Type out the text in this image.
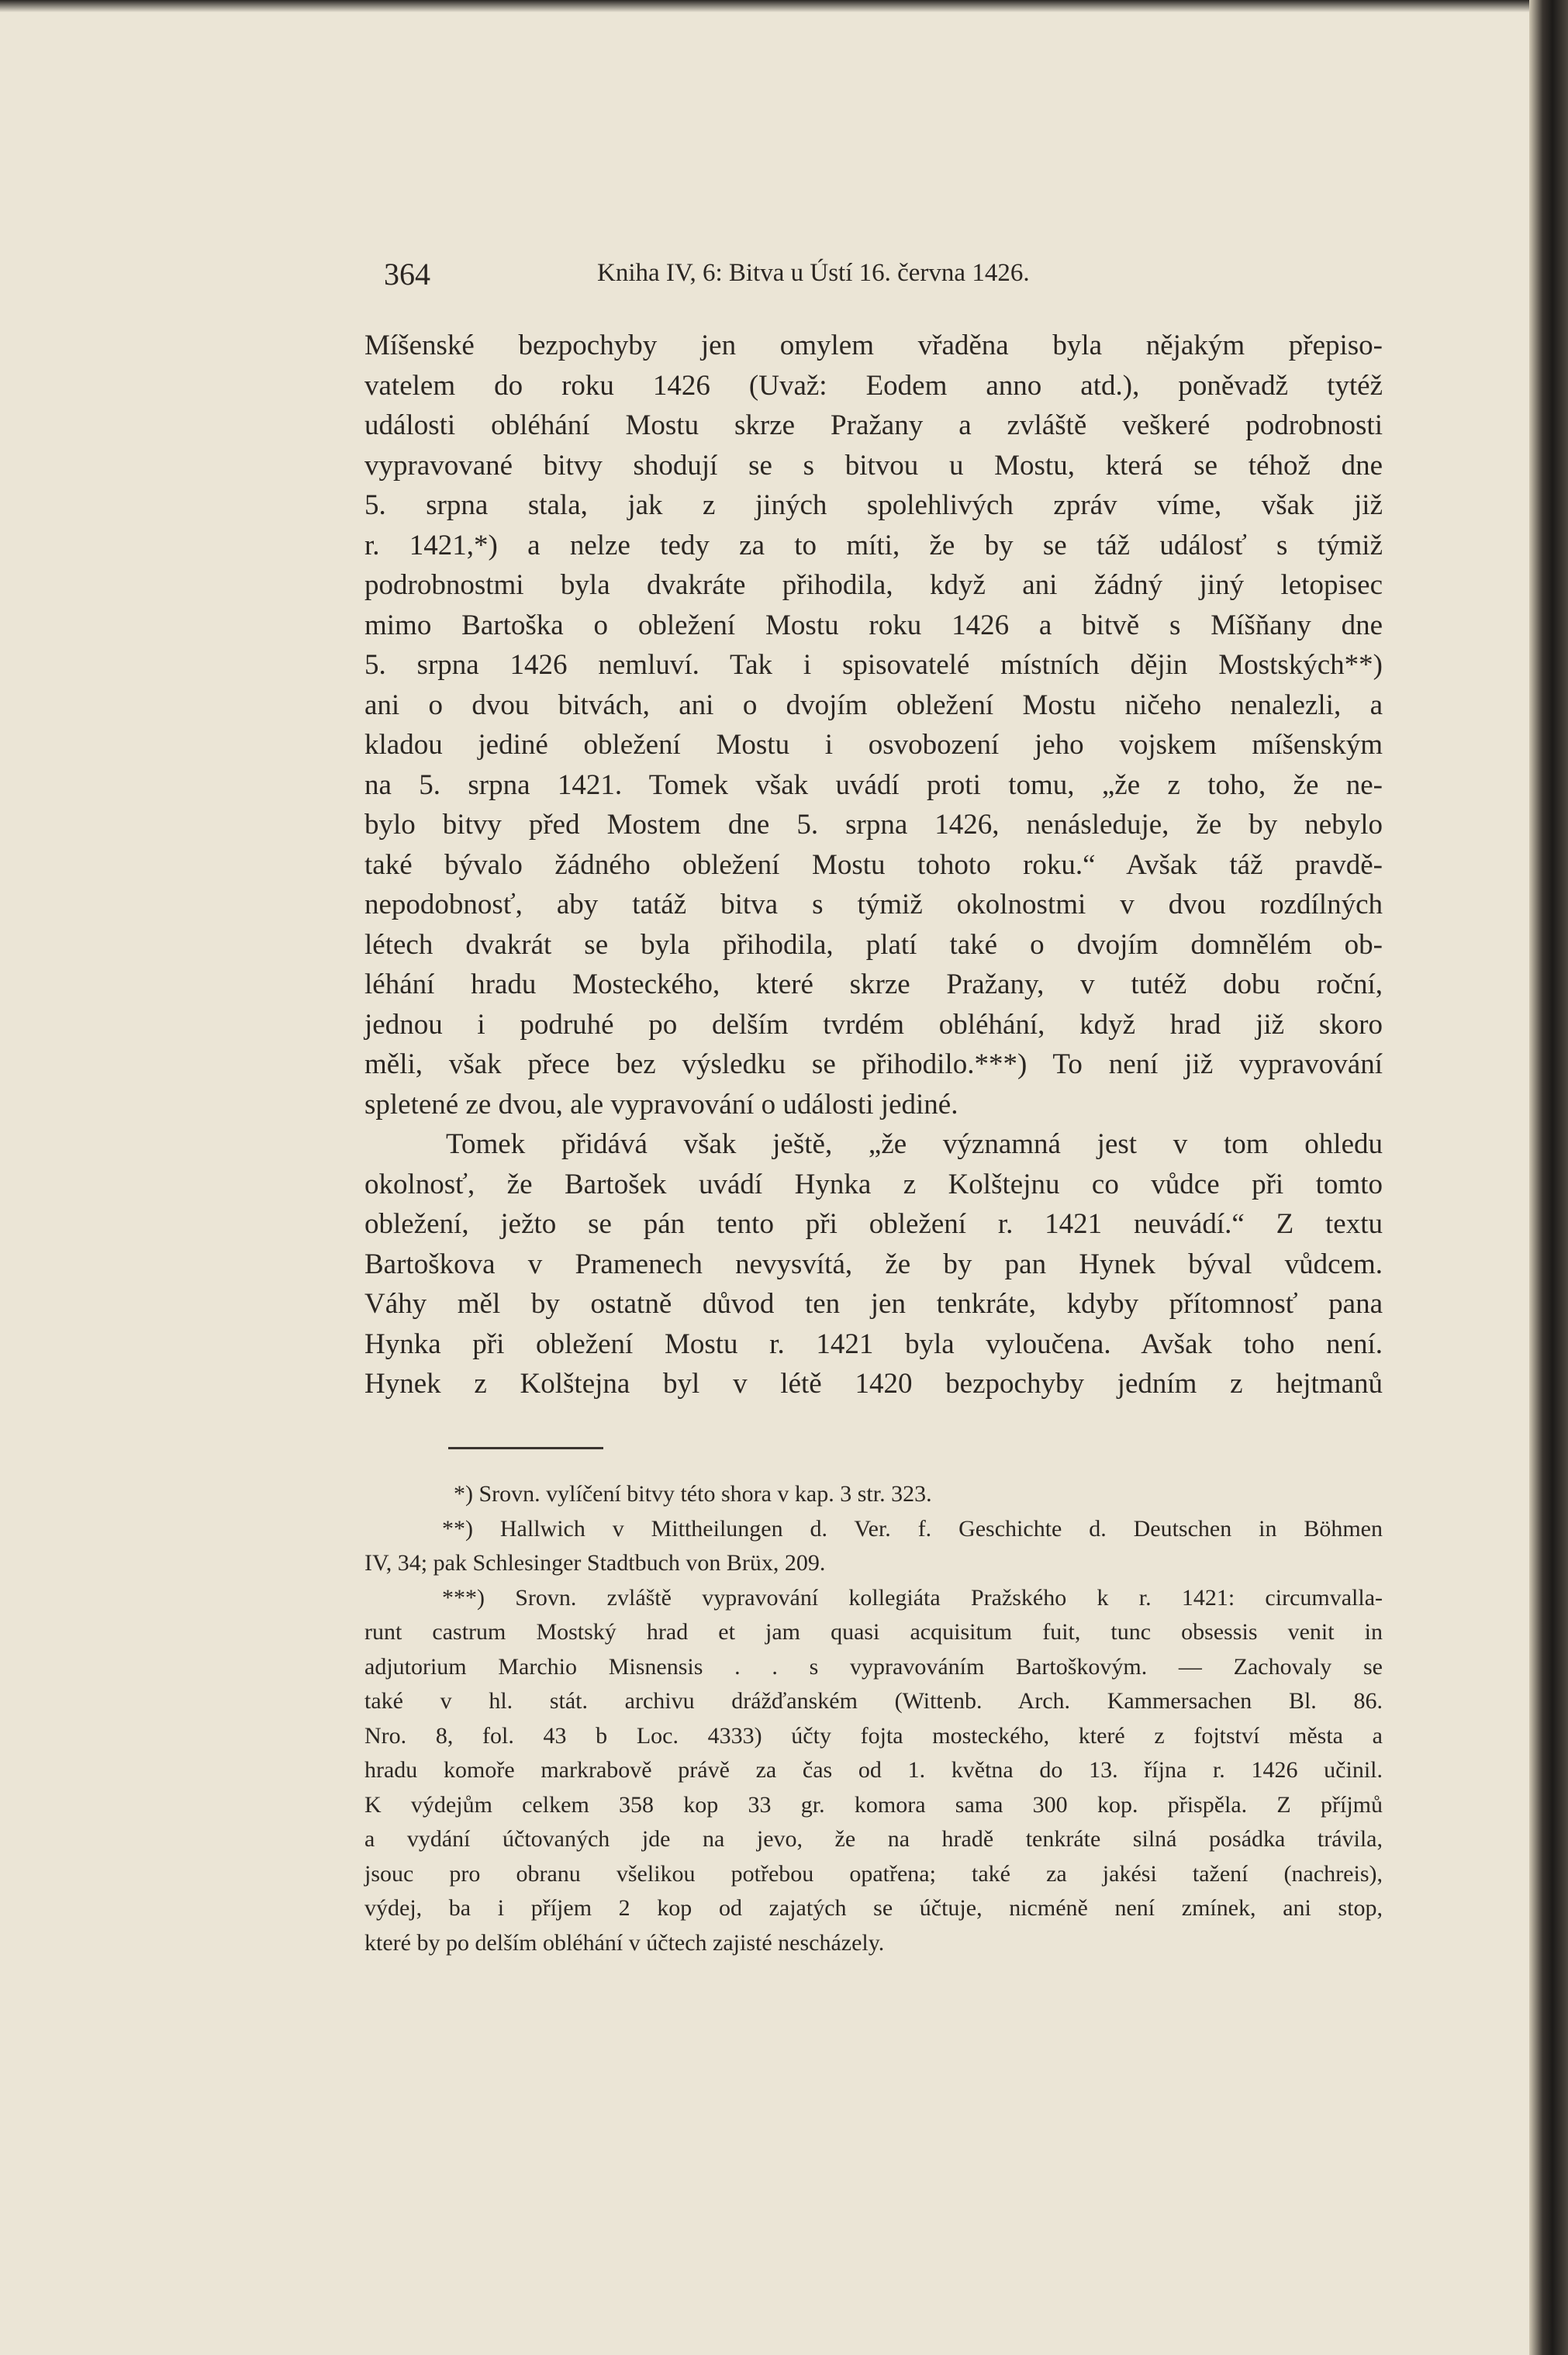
364	Kniha IV, 6: Bitva u Ústí 16. června 1426.
Míšenské bezpochyby jen omylem vřaděna byla nějakým přepiso-
vatelem do roku 1426 (Uvaž: Eodem anno atd.), poněvadž tytéž
události obléhání Mostu skrze Pražany a zvláště veškeré podrobnosti
vypravované bitvy shodují se s bitvou u Mostu, která se téhož dne
5. srpna stala, jak z jiných spolehlivých zpráv víme, však již
r. 1421,*) a nelze tedy za to míti, že by se táž událosť s týmiž
podrobnostmi byla dvakráte přihodila, když ani žádný jiný letopisec
mimo Bartoška o obležení Mostu roku 1426 a bitvě s Míšňany dne
5. srpna 1426 nemluví. Tak i spisovatelé místních dějin Mostských**)
ani o dvou bitvách, ani o dvojím obležení Mostu ničeho nenalezli, a
kladou jediné obležení Mostu i osvobození jeho vojskem míšenským
na 5. srpna 1421. Tomek však uvádí proti tomu, „že z toho, že ne-
bylo bitvy před Mostem dne 5. srpna 1426, nenásleduje, že by nebylo
také bývalo žádného obležení Mostu tohoto roku.“ Avšak táž pravdě-
nepodobnosť, aby tatáž bitva s týmiž okolnostmi v dvou rozdílných
létech dvakrát se byla přihodila, platí také o dvojím domnělém ob-
léhání hradu Mosteckého, které skrze Pražany, v tutéž dobu roční,
jednou i podruhé po delším tvrdém obléhání, když hrad již skoro
měli, však přece bez výsledku se přihodilo.***) To není již vypravování
spletené ze dvou, ale vypravování o události jediné.
Tomek přidává však ještě, „že významná jest v tom ohledu
okolnosť, že Bartošek uvádí Hynka z Kolštejnu co vůdce při tomto
obležení, ježto se pán tento při obležení r. 1421 neuvádí.“ Z textu
Bartoškova v Pramenech nevysvítá, že by pan Hynek býval vůdcem.
Váhy měl by ostatně důvod ten jen tenkráte, kdyby přítomnosť pana
Hynka při obležení Mostu r. 1421 byla vyloučena. Avšak toho není.
Hynek z Kolštejna byl v létě 1420 bezpochyby jedním z hejtmanů
*) Srovn. vylíčení bitvy této shora v kap. 3 str. 323.
**) Hallwich v Mittheilungen d. Ver. f. Geschichte d. Deutschen in Böhmen
IV, 34; pak Schlesinger Stadtbuch von Brüx, 209.
***) Srovn. zvláště vypravování kollegiáta Pražského k r. 1421: circumvalla-
runt castrum Mostský hrad et jam quasi acquisitum fuit, tunc obsessis venit in
adjutorium Marchio Misnensis . . s vypravováním Bartoškovým. — Zachovaly se
také v hl. stát. archivu drážďanském (Wittenb. Arch. Kammersachen Bl. 86.
Nro. 8, fol. 43 b Loc. 4333) účty fojta mosteckého, které z fojtství města a
hradu komoře markrabově právě za čas od 1. května do 13. října r. 1426 učinil.
K výdejům celkem 358 kop 33 gr. komora sama 300 kop. přispěla. Z příjmů
a vydání účtovaných jde na jevo, že na hradě tenkráte silná posádka trávila,
jsouc pro obranu všelikou potřebou opatřena; také za jakési tažení (nachreis),
výdej, ba i příjem 2 kop od zajatých se účtuje, nicméně není zmínek, ani stop,
které by po delším obléhání v účtech zajisté nescházely.
